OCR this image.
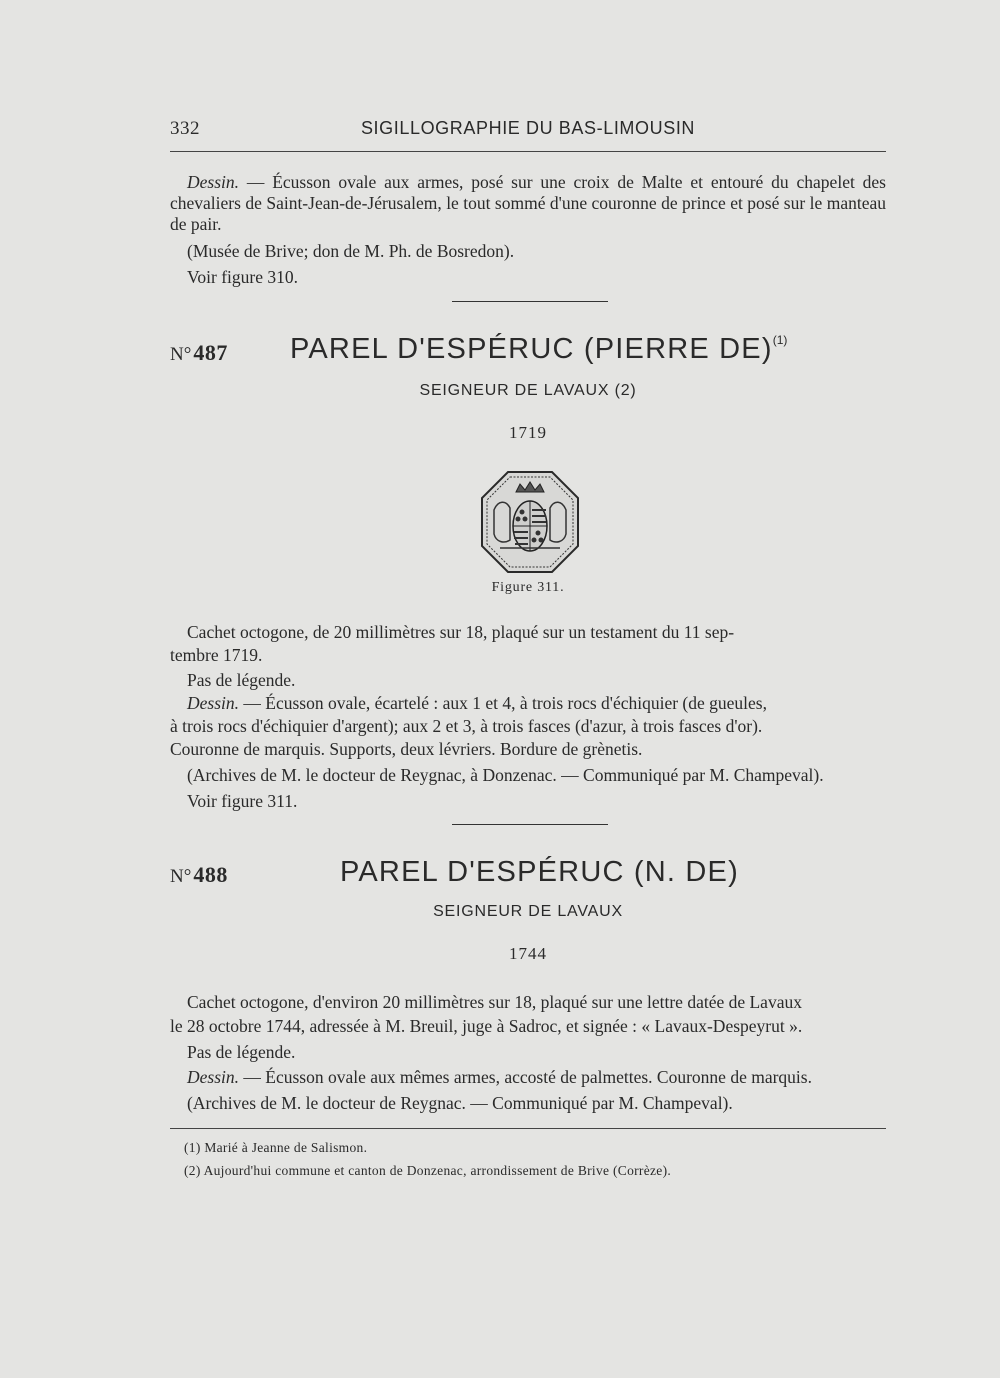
332	SIGILLOGRAPHIE DU BAS-LIMOUSIN
Dessin. — Écusson ovale aux armes, posé sur une croix de Malte et entouré du chapelet des chevaliers de Saint-Jean-de-Jérusalem, le tout sommé d'une couronne de prince et posé sur le manteau de pair.
(Musée de Brive; don de M. Ph. de Bosredon).
Voir figure 310.
N°487 PAREL D'ESPÉRUC (PIERRE DE)$^{(1)}$
SEIGNEUR DE LAVAUX (2)
1719
Figure 311.
Cachet octogone, de 20 millimètres sur 18, plaqué sur un testament du 11 sep-
tembre 1719.
Pas de légende.
Dessin. — Écusson ovale, écartelé : aux 1 et 4, à trois rocs d'échiquier (de gueules,
à trois rocs d'échiquier d'argent); aux 2 et 3, à trois fasces (d'azur, à trois fasces d'or).
Couronne de marquis. Supports, deux lévriers. Bordure de grènetis.
(Archives de M. le docteur de Reygnac, à Donzenac. — Communiqué par M. Champeval).
Voir figure 311.
N°488	PAREL D'ESPÉRUC (N. DE)
SEIGNEUR DE LAVAUX
1744
Cachet octogone, d'environ 20 millimètres sur 18, plaqué sur une lettre datée de Lavaux
le 28 octobre 1744, adressée à M. Breuil, juge à Sadroc, et signée : « Lavaux-Despeyrut ».
Pas de légende.
Dessin. — Écusson ovale aux mêmes armes, accosté de palmettes. Couronne de marquis.
(Archives de M. le docteur de Reygnac. — Communiqué par M. Champeval).
(1) Marié à Jeanne de Salismon.
(2) Aujourd'hui commune et canton de Donzenac, arrondissement de Brive (Corrèze).
